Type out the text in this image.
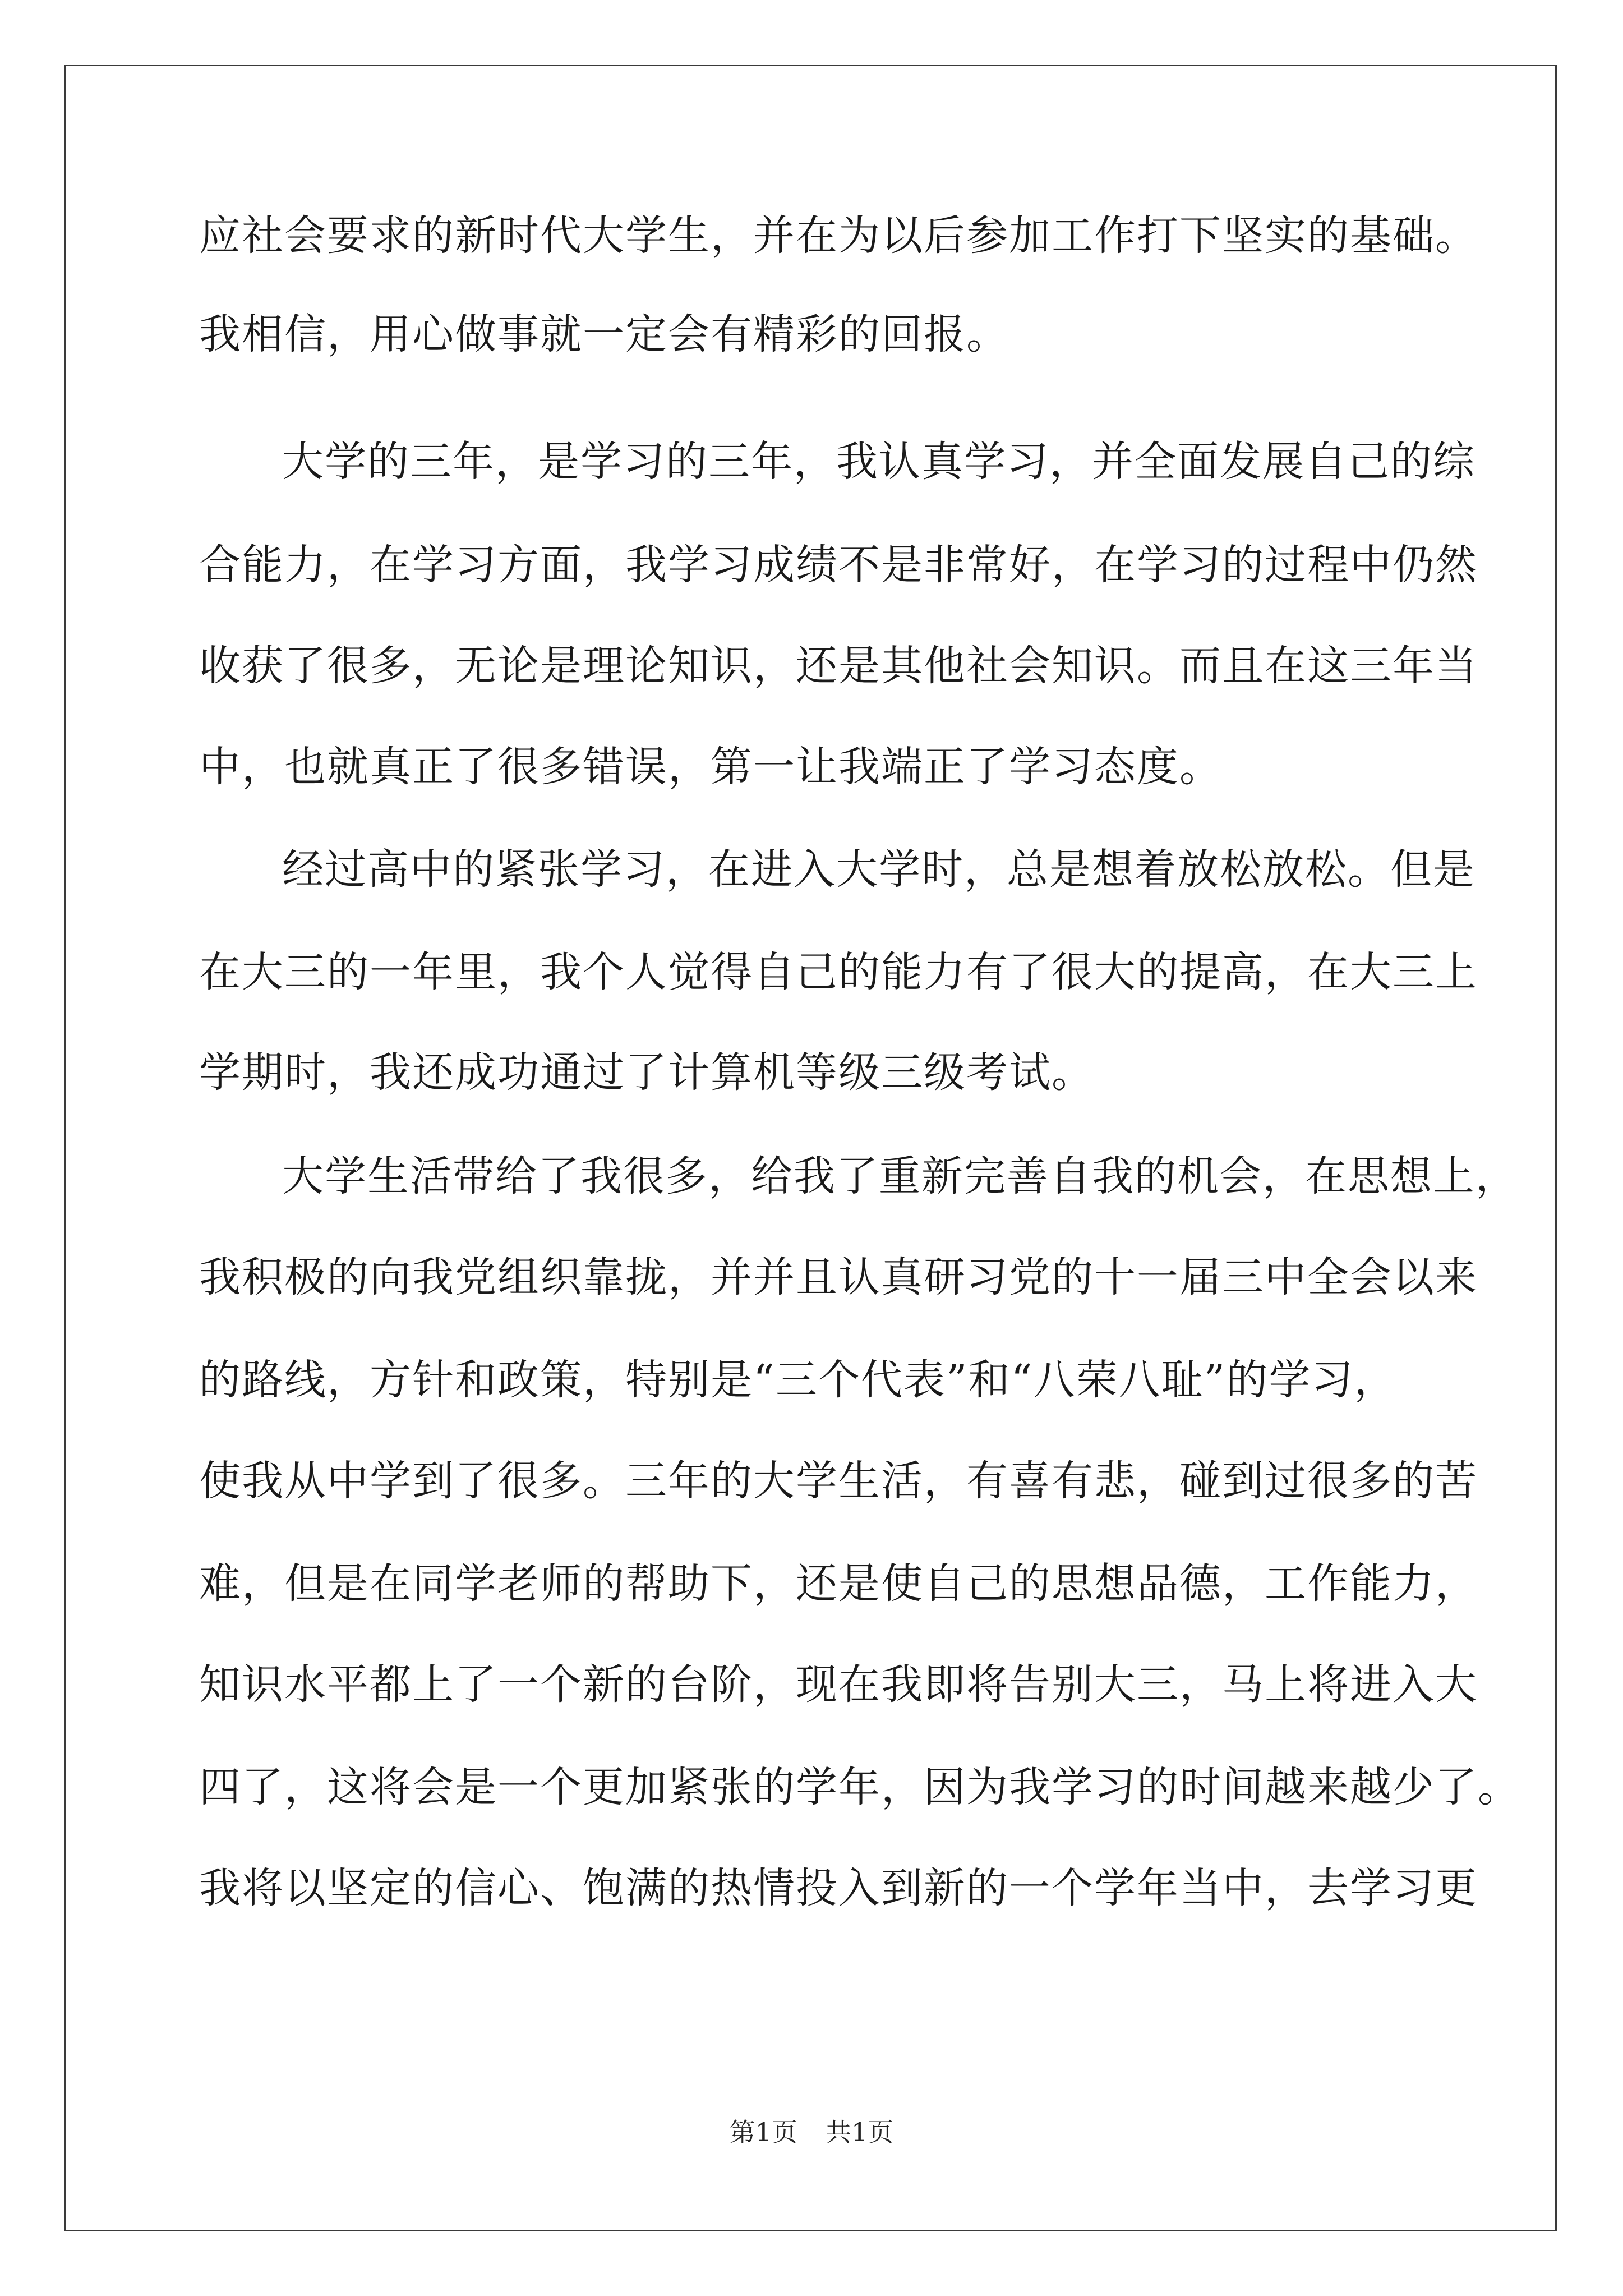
应社会要求的新时代大学生，并在为以后参加工作打下坚实的基础。
我相信，用心做事就一定会有精彩的回报。
大学的三年，是学习的三年，我认真学习，并全面发展自己的综
合能力，在学习方面，我学习成绩不是非常好，在学习的过程中仍然
收获了很多，无论是理论知识，还是其他社会知识。而且在这三年当
中，也就真正了很多错误，第一让我端正了学习态度。
经过高中的紧张学习，在进入大学时，总是想着放松放松。但是
在大三的一年里，我个人觉得自己的能力有了很大的提高，在大三上
学期时，我还成功通过了计算机等级三级考试。
大学生活带给了我很多，给我了重新完善自我的机会，在思想上，
我积极的向我党组织靠拢，并并且认真研习党的十一届三中全会以来
的路线，方针和政策，特别是“三个代表”和“八荣八耻”的学习，
使我从中学到了很多。三年的大学生活，有喜有悲，碰到过很多的苦
难，但是在同学老师的帮助下，还是使自己的思想品德，工作能力，
知识水平都上了一个新的台阶，现在我即将告别大三，马上将进入大
四了，这将会是一个更加紧张的学年，因为我学习的时间越来越少了。
我将以坚定的信心、饱满的热情投入到新的一个学年当中，去学习更
第1页 共1页
